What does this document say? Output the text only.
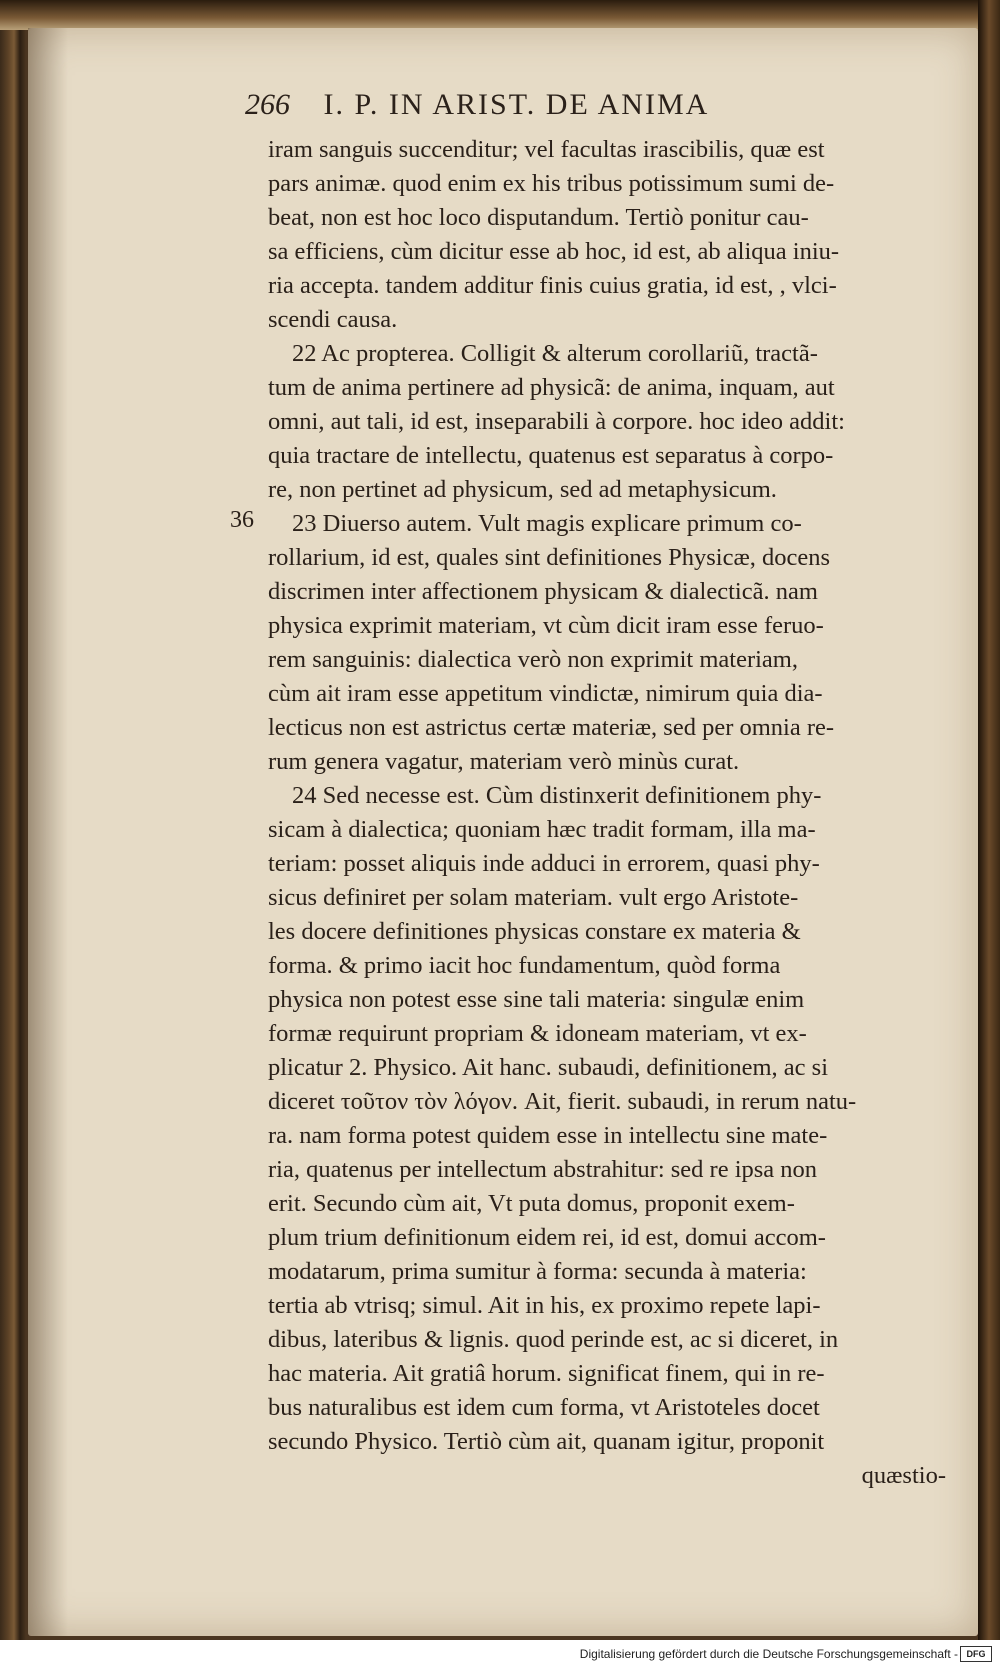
266 I. P. IN ARIST. DE ANIMA
36
iram sanguis succenditur; vel facultas irascibilis, quæ est
pars animæ. quod enim ex his tribus potissimum sumi de-
beat, non est hoc loco disputandum. Tertiò ponitur cau-
sa efficiens, cùm dicitur esse ab hoc, id est, ab aliqua iniu-
ria accepta. tandem additur finis cuius gratia, id est, , vlci-
scendi causa.
22 Ac propterea. Colligit & alterum corollariũ, tractã-
tum de anima pertinere ad physicã: de anima, inquam, aut
omni, aut tali, id est, inseparabili à corpore. hoc ideo addit:
quia tractare de intellectu, quatenus est separatus à corpo-
re, non pertinet ad physicum, sed ad metaphysicum.
23 Diuerso autem. Vult magis explicare primum co-
rollarium, id est, quales sint definitiones Physicæ, docens
discrimen inter affectionem physicam & dialecticã. nam
physica exprimit materiam, vt cùm dicit iram esse feruo-
rem sanguinis: dialectica verò non exprimit materiam,
cùm ait iram esse appetitum vindictæ, nimirum quia dia-
lecticus non est astrictus certæ materiæ, sed per omnia re-
rum genera vagatur, materiam verò minùs curat.
24 Sed necesse est. Cùm distinxerit definitionem phy-
sicam à dialectica; quoniam hæc tradit formam, illa ma-
teriam: posset aliquis inde adduci in errorem, quasi phy-
sicus definiret per solam materiam. vult ergo Aristote-
les docere definitiones physicas constare ex materia &
forma. & primo iacit hoc fundamentum, quòd forma
physica non potest esse sine tali materia: singulæ enim
formæ requirunt propriam & idoneam materiam, vt ex-
plicatur 2. Physico. Ait hanc. subaudi, definitionem, ac si
diceret τοῦτον τὸν λόγον. Ait, fierit. subaudi, in rerum natu-
ra. nam forma potest quidem esse in intellectu sine mate-
ria, quatenus per intellectum abstrahitur: sed re ipsa non
erit. Secundo cùm ait, Vt puta domus, proponit exem-
plum trium definitionum eidem rei, id est, domui accom-
modatarum, prima sumitur à forma: secunda à materia:
tertia ab vtrisq; simul. Ait in his, ex proximo repete lapi-
dibus, lateribus & lignis. quod perinde est, ac si diceret, in
hac materia. Ait gratiâ horum. significat finem, qui in re-
bus naturalibus est idem cum forma, vt Aristoteles docet
secundo Physico. Tertiò cùm ait, quanam igitur, proponit
quæstio-
Digitalisierung gefördert durch die Deutsche Forschungsgemeinschaft - DFG
